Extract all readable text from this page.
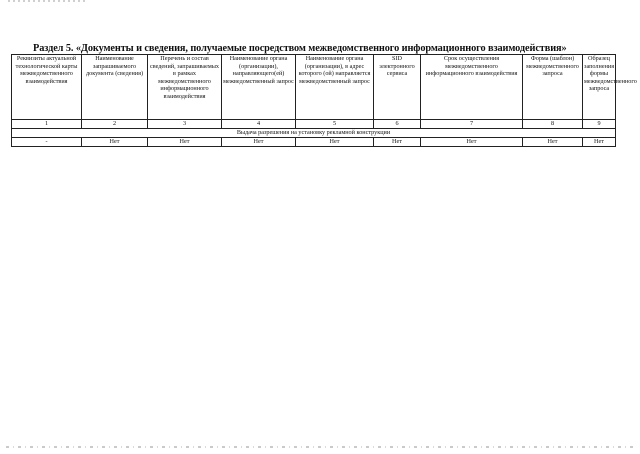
Раздел 5. «Документы и сведения, получаемые посредством межведомственного информационного взаимодействия»
Реквизиты актуальной технологической карты межведомственного взаимодействия	Наименование запрашиваемого документа (сведения)	Перечень и состав сведений, запрашиваемых в рамках межведомственного информационного взаимодействия	Наименование органа (организации), направляющего(ей) межведомственный запрос	Наименование органа (организации), в адрес которого (ой) направляется межведомственный запрос	SID электронного сервиса	Срок осуществления межведомственного информационного взаимодействия	Форма (шаблон) межведомственного запроса	Образец заполнения формы межведомственного запроса
1	2	3	4	5	6	7	8	9
Выдача разрешения на установку рекламной конструкции								
-	Нет	Нет	Нет	Нет	Нет	Нет	Нет	Нет
